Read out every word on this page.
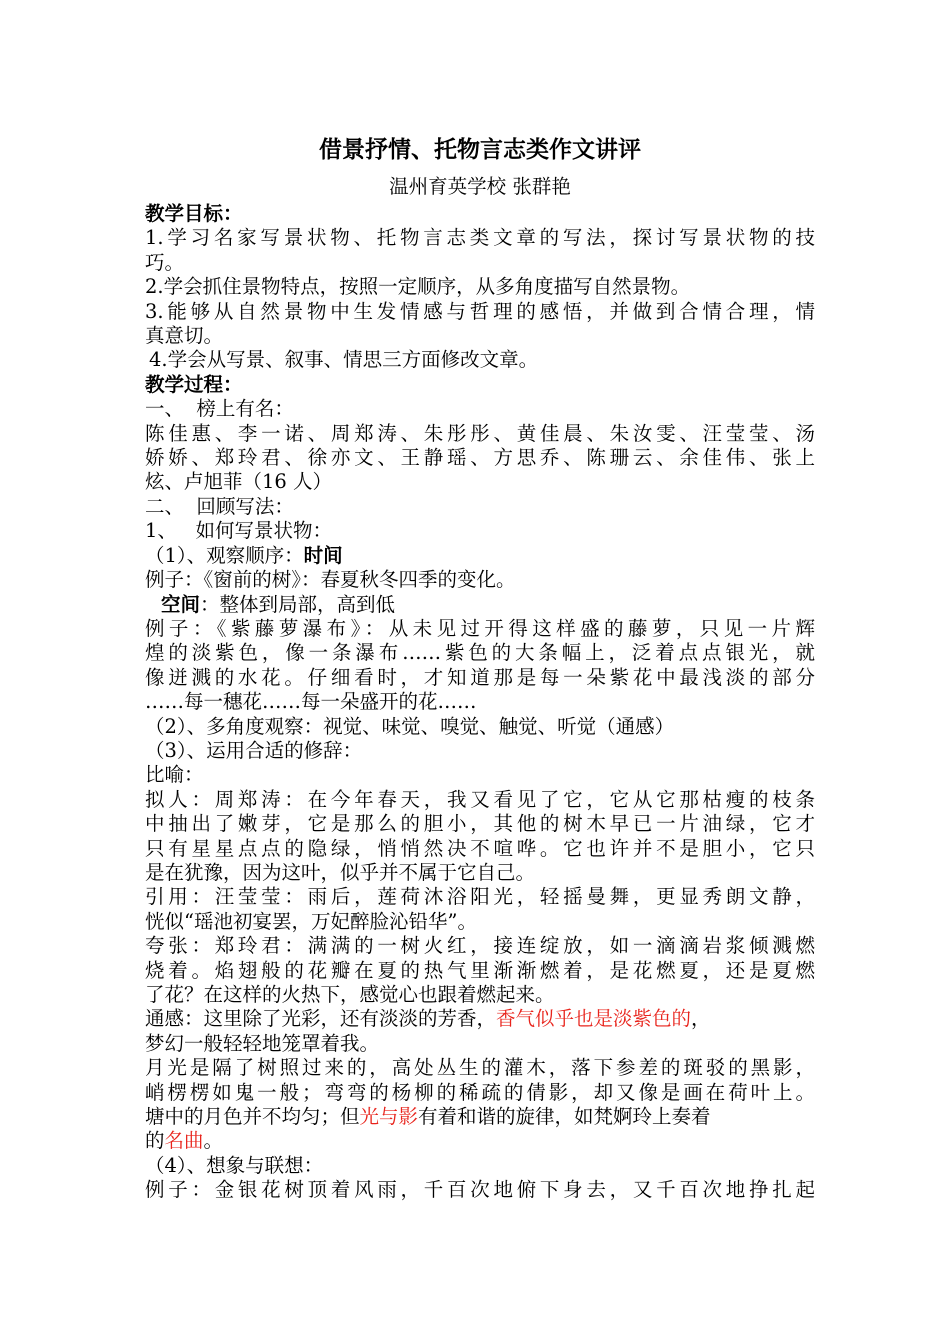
借景抒情、托物言志类作文讲评
温州育英学校 张群艳
教学目标：
1.学习名家写景状物、托物言志类文章的写法，探讨写景状物的技
巧。
2.学会抓住景物特点，按照一定顺序，从多角度描写自然景物。
3.能够从自然景物中生发情感与哲理的感悟，并做到合情合理，情
真意切。
4.学会从写景、叙事、情思三方面修改文章。
教学过程：
一、  榜上有名：
陈佳惠、李一诺、周郑涛、朱彤彤、黄佳晨、朱汝雯、汪莹莹、汤
娇娇、郑玲君、徐亦文、王静瑶、方思乔、陈珊云、余佳伟、张上
炫、卢旭菲（16 人）
二、  回顾写法：
1、   如何写景状物：
（1）、观察顺序：时间
例子：《窗前的树》：春夏秋冬四季的变化。
空间：整体到局部，高到低
例子：《紫藤萝瀑布》：从未见过开得这样盛的藤萝，只见一片辉
煌的淡紫色，像一条瀑布……紫色的大条幅上，泛着点点银光，就
像迸溅的水花。仔细看时，才知道那是每一朵紫花中最浅淡的部分
……每一穗花……每一朵盛开的花……
（2）、多角度观察：视觉、味觉、嗅觉、触觉、听觉（通感）
（3）、运用合适的修辞：
比喻：
拟人：周郑涛：在今年春天，我又看见了它，它从它那枯瘦的枝条
中抽出了嫩芽，它是那么的胆小，其他的树木早已一片油绿，它才
只有星星点点的隐绿，悄悄然决不喧哗。它也许并不是胆小，它只
是在犹豫，因为这叶，似乎并不属于它自己。
引用：汪莹莹：雨后，莲荷沐浴阳光，轻摇曼舞，更显秀朗文静，
恍似“瑶池初宴罢，万妃醉脸沁铅华”。
夸张：郑玲君：满满的一树火红，接连绽放，如一滴滴岩浆倾溅燃
烧着。焰翅般的花瓣在夏的热气里渐渐燃着，是花燃夏，还是夏燃
了花？在这样的火热下，感觉心也跟着燃起来。
通感：这里除了光彩，还有淡淡的芳香，香气似乎也是淡紫色的，
梦幻一般轻轻地笼罩着我。
月光是隔了树照过来的，高处丛生的灌木，落下参差的斑驳的黑影，
峭楞楞如鬼一般；弯弯的杨柳的稀疏的倩影，却又像是画在荷叶上。
塘中的月色并不均匀；但光与影有着和谐的旋律，如梵婀玲上奏着
的名曲。
（4）、想象与联想：
例子：金银花树顶着风雨，千百次地俯下身去，又千百次地挣扎起
